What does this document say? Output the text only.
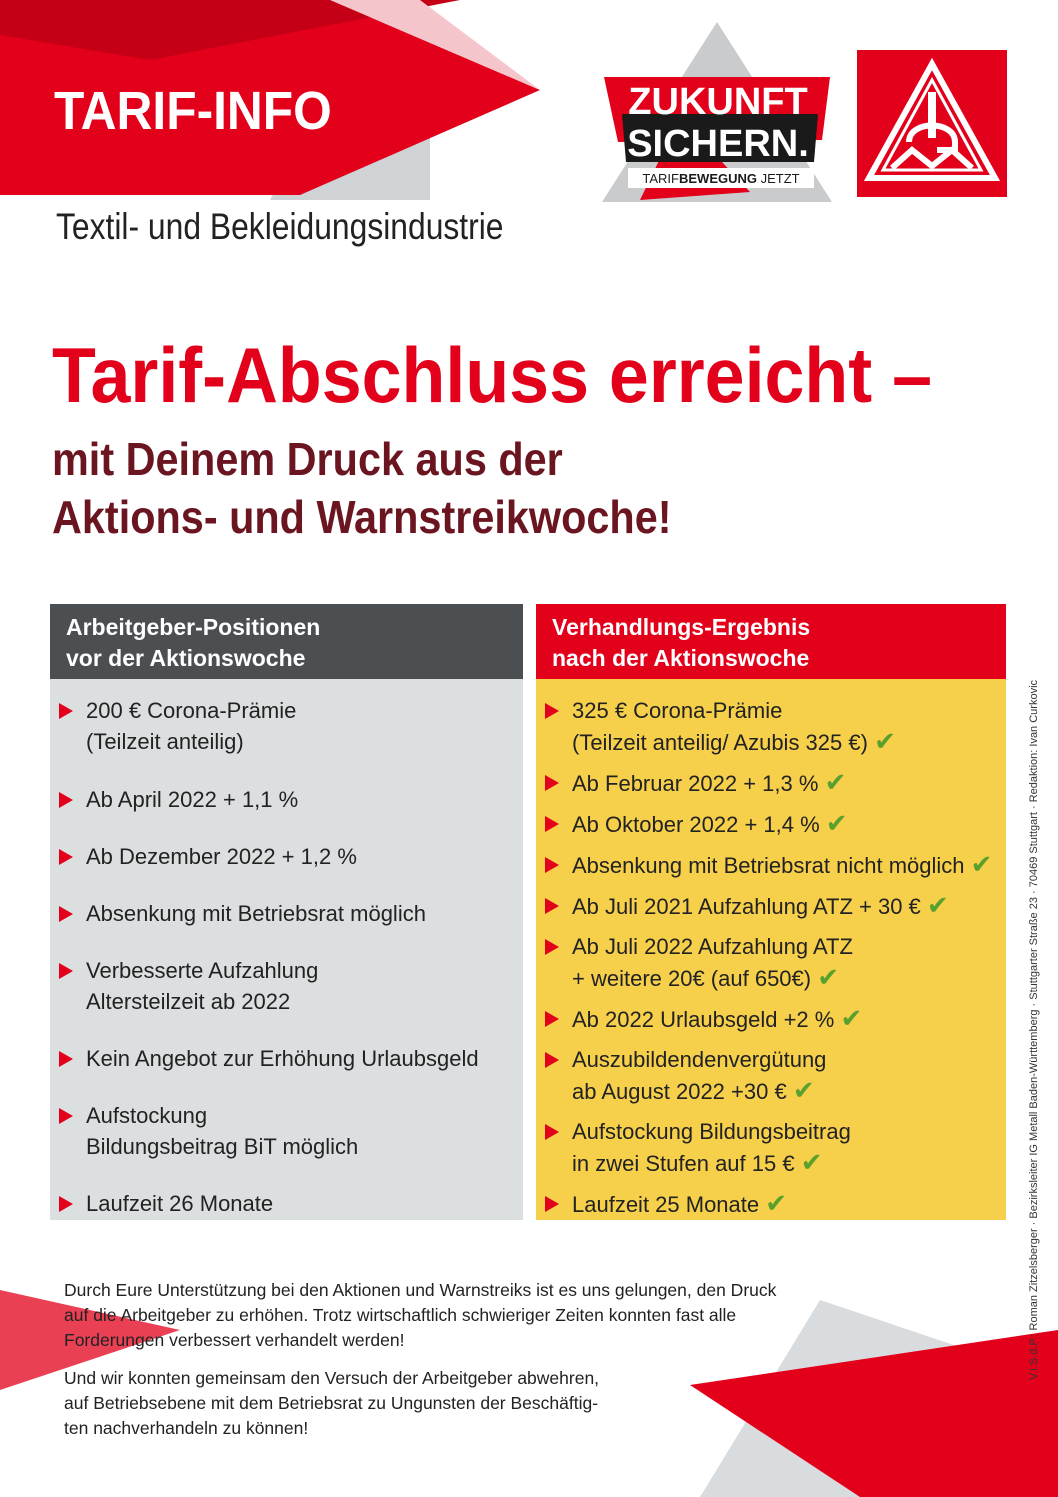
TARIF-INFO
Textil- und Bekleidungsindustrie
ZUKUNFT
SICHERN.
TARIFBEWEGUNG JETZT
Tarif-Abschluss erreicht –
mit Deinem Druck aus der
Aktions- und Warnstreikwoche!
Arbeitgeber-Positionen
vor der Aktionswoche
200 € Corona-Prämie
(Teilzeit anteilig)
Ab April 2022 + 1,1 %
Ab Dezember 2022 + 1,2 %
Absenkung mit Betriebsrat möglich
Verbesserte Aufzahlung
Altersteilzeit ab 2022
Kein Angebot zur Erhöhung Urlaubsgeld
Aufstockung
Bildungsbeitrag BiT möglich
Laufzeit 26 Monate
Verhandlungs-Ergebnis
nach der Aktionswoche
325 € Corona-Prämie
(Teilzeit anteilig/ Azubis 325 €) ✔
Ab Februar 2022 + 1,3 % ✔
Ab Oktober 2022 + 1,4 % ✔
Absenkung mit Betriebsrat nicht möglich ✔
Ab Juli 2021 Aufzahlung ATZ + 30 € ✔
Ab Juli 2022 Aufzahlung ATZ
+ weitere 20€ (auf 650€) ✔
Ab 2022 Urlaubsgeld +2 % ✔
Auszubildendenvergütung
ab August 2022 +30 € ✔
Aufstockung Bildungsbeitrag
in zwei Stufen auf 15 € ✔
Laufzeit 25 Monate ✔	V.i.S.d.P.: Roman Zitzelsberger · Bezirksleiter IG Metall Baden-Württemberg · Stuttgarter Straße 23 · 70469 Stuttgart · Redaktion: Ivan Curkovic
Durch Eure Unterstützung bei den Aktionen und Warnstreiks ist es uns gelungen, den Druck
auf die Arbeitgeber zu erhöhen. Trotz wirtschaftlich schwieriger Zeiten konnten fast alle
Forderungen verbessert verhandelt werden!
Und wir konnten gemeinsam den Versuch der Arbeitgeber abwehren,
auf Betriebsebene mit dem Betriebsrat zu Ungunsten der Beschäftig-
ten nachverhandeln zu können!
